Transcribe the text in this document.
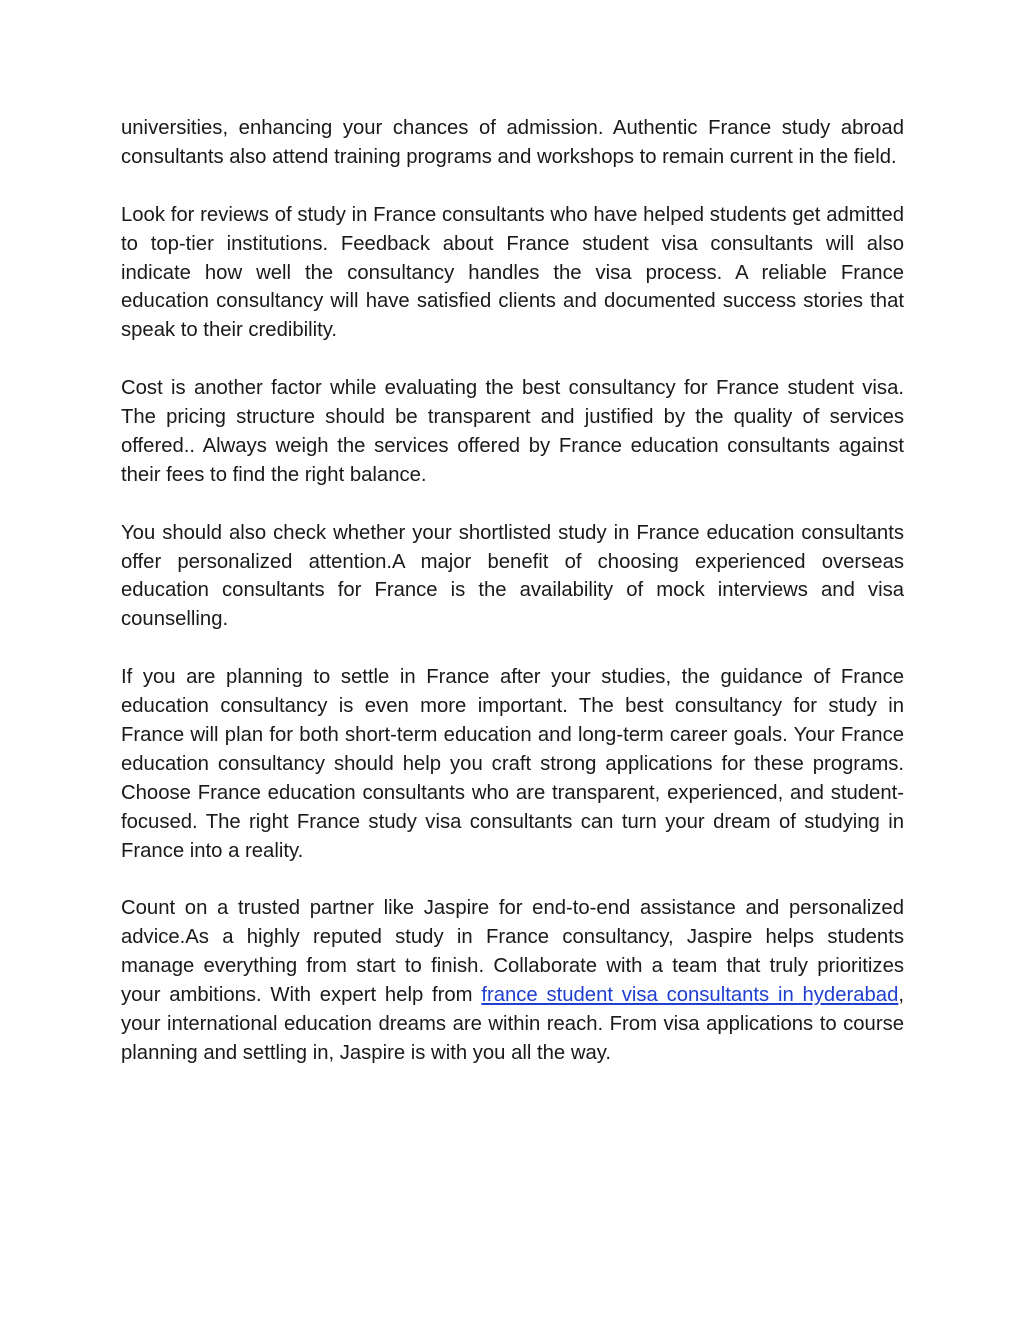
universities, enhancing your chances of admission. Authentic France study abroad consultants also attend training programs and workshops to remain current in the field.

Look for reviews of study in France consultants who have helped students get admitted to top-tier institutions. Feedback about France student visa consultants will also indicate how well the consultancy handles the visa process. A reliable France education consultancy will have satisfied clients and documented success stories that speak to their credibility.

Cost is another factor while evaluating the best consultancy for France student visa. The pricing structure should be transparent and justified by the quality of services offered.. Always weigh the services offered by France education consultants against their fees to find the right balance.

You should also check whether your shortlisted study in France education consultants offer personalized attention.A major benefit of choosing experienced overseas education consultants for France is the availability of mock interviews and visa counselling.

If you are planning to settle in France after your studies, the guidance of France education consultancy is even more important. The best consultancy for study in France will plan for both short-term education and long-term career goals. Your France education consultancy should help you craft strong applications for these programs. Choose France education consultants who are transparent, experienced, and student-focused. The right France study visa consultants can turn your dream of studying in France into a reality.

Count on a trusted partner like Jaspire for end-to-end assistance and personalized advice.As a highly reputed study in France consultancy, Jaspire helps students manage everything from start to finish. Collaborate with a team that truly prioritizes your ambitions. With expert help from france student visa consultants in hyderabad, your international education dreams are within reach. From visa applications to course planning and settling in, Jaspire is with you all the way.
